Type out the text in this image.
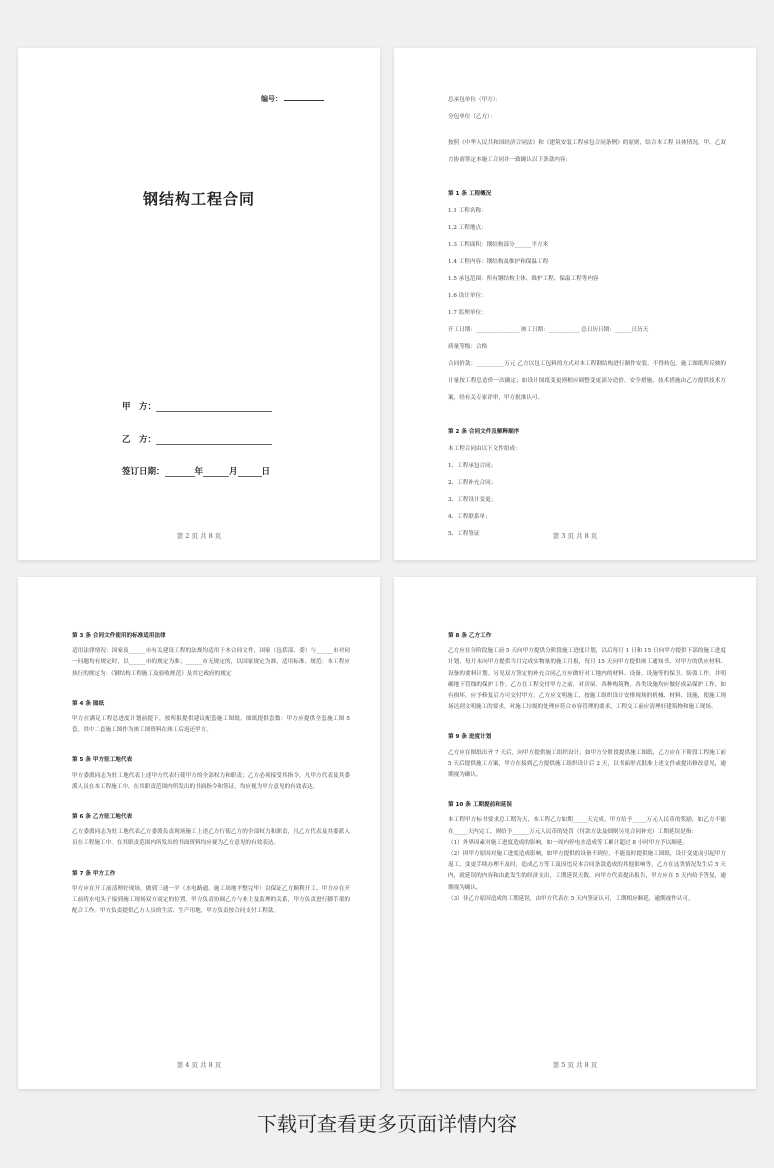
编号：
钢结构工程合同
甲　方：
乙　方：
签订日期：	年	月	日
第 2 页 共 8 页

总承包单位（甲方）：

分包单位（乙方）：

按照《中华人民共和国经济合同法》和《建筑安装工程承包合同条例》的原则，结合本工程 具体情况，甲、乙双方协商签定本施工合同并一致确认以下条款内容：

第 1 条 工程概况

1.1 工程名称：

1.2 工程地点：

1.3 工程面积：钢结构部分______平方米

1.4 工程内容：钢结构及维护和保温工程

1.5 承包范围：所有钢结构主体、维护工程、保温工程等内容

1.6 设计单位：

1.7 监理单位：

开工日期：________________竣工日期：___________ 总日历日期：______日历天

质量等级：合格

合同价款：__________万元 乙方以包工包料的方式对本工程钢结构进行制作安装，不得转包。施工图纸所反映的计量按工程总造价一次确定；如设计图纸变更则相应调整变更部分造价。安全措施、技术措施由乙方提供技术方案，经有关专家评审，甲方批准认可。

第 2 条 合同文件及解释顺序

本工程合同由以下文件组成：

1、工程承包合同；

2、工程补充合同；

3、工程设计变更；

4、工程联系单；

5、工程签证	第 3 页 共 8 页

第 3 条 合同文件使用的标准适用法律

适用法律情况：国家及______市有关建设工程的法规均适用于本合同文件，国家（包括部、委）与______市对同一问题均有规定时，以______市的规定为准；______市无规定的，以国家规定为准，适用标准、规范：本工程应执行的规定为：《钢结构工程施工及验收规范》及其它政府的规定

第 4 条 图纸

甲方在满足工程总进度计划前提下，按所报提供建议配套施工图纸，图纸提供套数：甲方应提供全套施工图 5 套，其中二套施工图作为竣工图资料在竣工后返还甲方。

第 5 条 甲方驻工地代表

甲方委派同志为驻工地代表上述甲方代表行使甲方的全部权力和职责；乙方必须接受其指令，凡甲方代表及其委派人员在本工程施工中，在其职责范围内所发出的书面指令和签证，均应视为甲方意见的有效表达。

第 6 条 乙方驻工地代表

乙方委派同志为驻工地代表乙方委派负责现场施工上述乙方行使乙方的全部权力和职责，凡乙方代表及其委派人员在工程施工中，在其职责范围内所发出的书面资料均应视为乙方意见的有效表达。

第 7 条 甲方工作

甲方应在开工前清理好现场，做到三通一平（水电路通、施工场地平整完毕）以保证乙方顺利开工。甲方应在开工前将水电头子接到施工现场双方商定的位置。甲方负责协调乙方与业主及监理的关系，甲方负责进行脚手架的配合工作。甲方负责提供乙方人员的生活、生产用地，甲方负责按合同支付工程款。

第 4 页 共 8 页

第 8 条 乙方工作

乙方应在分阶段施工前 5 天向甲方提供分阶段施工进度计划，以后每月 1 日和 15 日向甲方提供下部的施工进度计划，每月末向甲方提供当月完成实物量的施工月报，每月 15 天向甲方提供竣工通知书、对甲方的供应材料、设备的要料计划。另见双方签定的补充合同乙方应做好对工地内的材料、设备、设施等的保卫、防盗工作，并明确地下管线的保护工作。乙方在工程交付甲方之前，对房屋、各种构筑物，各类设施均应做好成品保护工作，如有损坏，应予修复后方可交付甲方。乙方应文明施工，按施工组织设计安排现场的机械、材料、设施，使施工现场达到文明施工的要求，对施工垃圾的处理应符合市容管理的要求，工程交工前应清理好建筑物和施工现场。

第 9 条 进度计划

乙方应在图纸出齐 7 天后，向甲方提供施工组织设计，如甲方分阶段提供施工图纸，乙方应在下阶段工程施工前 5 天后提供施工方案，甲方在接到乙方提供施工组织设计后 2 天，以书面形式批准上述文件或提出修改意见，逾期视为确认。

第 10 条 工期提前和延误

本工程甲方标书要求总工期为天，本工程乙方如期_____天完成，甲方给予_____万元人民币的奖励，如乙方不能在_____天内完工，则给予______万元人民币的处罚（付款方法及细则另见合同补充）工期延误是指：

（1）外界因素对施工进度造成的影响，如一周内停电水造成等工累计超过 8 小时甲方予以顺延。

（2）因甲方原因对施工进度造成影响，如甲方提供的设备不到位，不能及时提供施工图纸，设计变更而引起甲方返工，变更手续办理不及时，造成乙方等工及因违反本合同条款造成的其他影响等，乙方在这类情况发生后 5 天内，就延误的内容和由此发生的经济支出，工期延误天数，向甲方代表提出报告，甲方应在 5 天内给予答复，逾期视为确认。

（3）非乙方原因造成的工期延误，由甲方代表在 5 天内签证认可，工期相应顺延，逾期视作认可。

第 5 页 共 8 页
下载可查看更多页面详情内容
